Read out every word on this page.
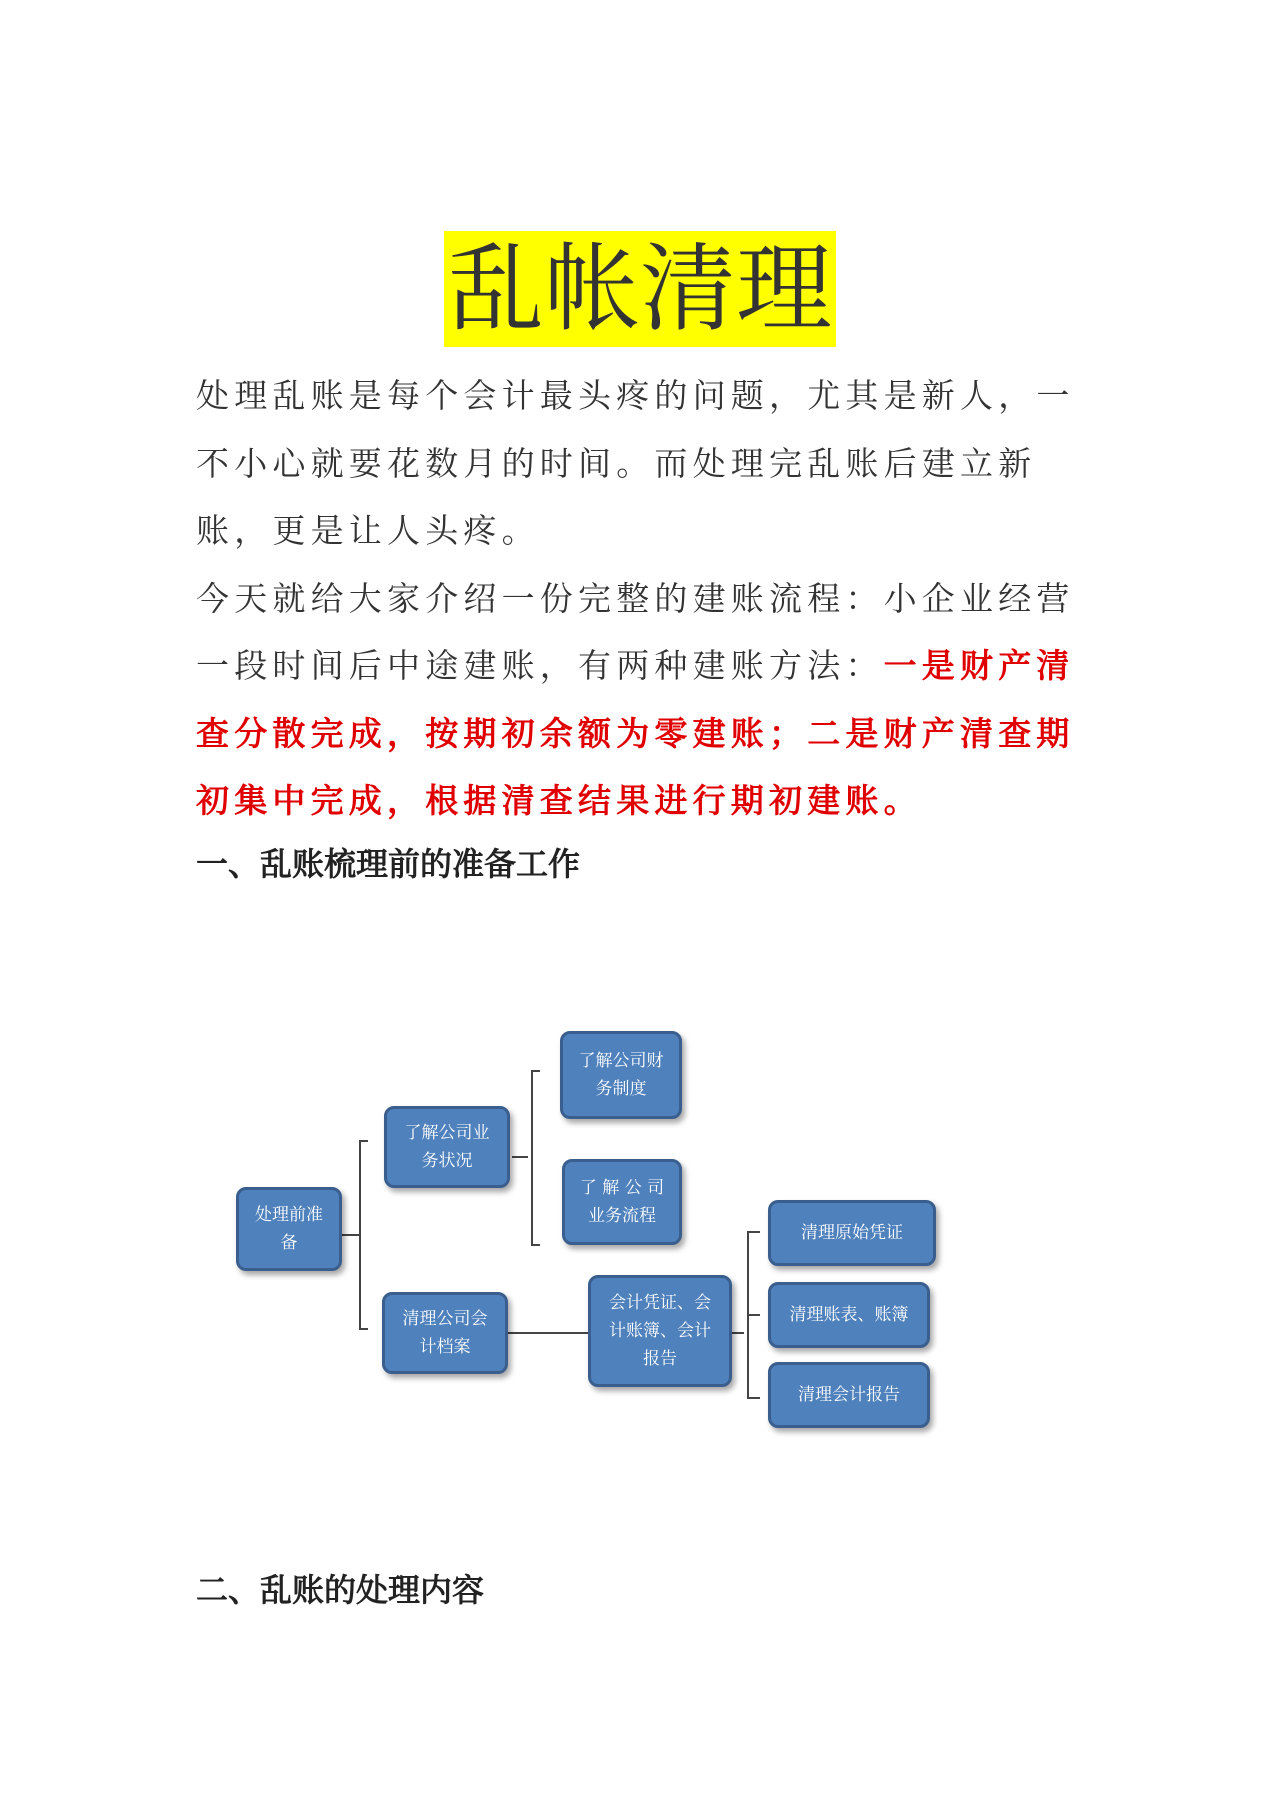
乱帐清理

处理乱账是每个会计最头疼的问题，尤其是新人，一不小心就要花数月的时间。而处理完乱账后建立新账，更是让人头疼。

今天就给大家介绍一份完整的建账流程：小企业经营一段时间后中途建账，有两种建账方法：一是财产清查分散完成，按期初余额为零建账；二是财产清查期初集中完成，根据清查结果进行期初建账。

一、乱账梳理前的准备工作
处理前准备
了解公司业务状况
清理公司会计档案
了解公司财务制度
了 解 公 司业务流程
会计凭证、会计账簿、会计报告
清理原始凭证
清理账表、账簿
清理会计报告
二、乱账的处理内容
